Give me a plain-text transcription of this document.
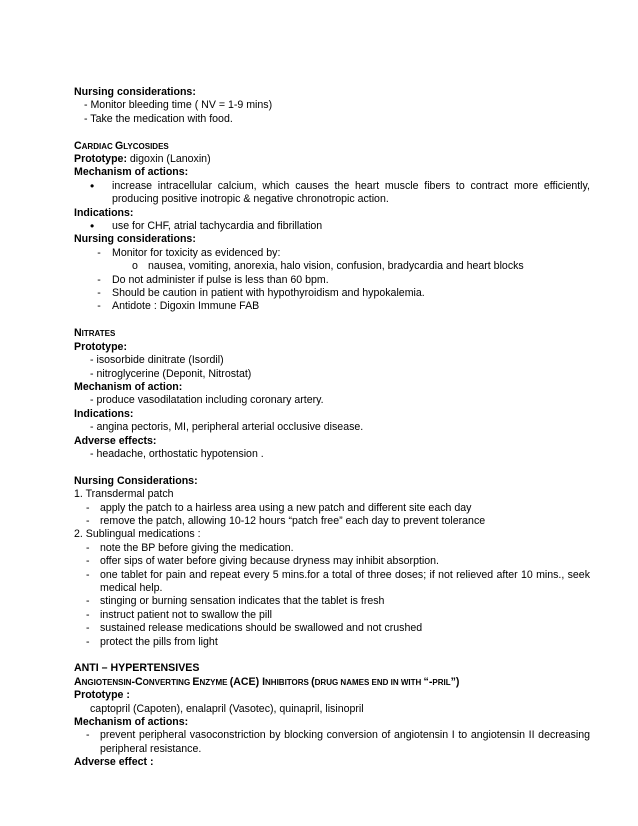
Nursing considerations:
- Monitor bleeding time ( NV = 1-9 mins)
- Take the medication with food.
CARDIAC GLYCOSIDES
Prototype: digoxin (Lanoxin)
Mechanism of actions:
•	increase intracellular calcium, which causes the heart muscle fibers to contract more efficiently, producing positive inotropic & negative chronotropic action.
Indications:
•	use for CHF, atrial tachycardia and fibrillation
Nursing considerations:
-	Monitor for toxicity as evidenced by:
o nausea, vomiting, anorexia, halo vision, confusion, bradycardia and heart blocks
-	Do not administer if pulse is less than 60 bpm.
-	Should be caution in patient with hypothyroidism and hypokalemia.
-	Antidote : Digoxin Immune FAB
NITRATES
Prototype:
- isosorbide dinitrate (Isordil)
- nitroglycerine (Deponit, Nitrostat)
Mechanism of action:
- produce vasodilatation including coronary artery.
Indications:
- angina pectoris, MI, peripheral arterial occlusive disease.
Adverse effects:
- headache, orthostatic hypotension .
Nursing Considerations:
1. Transdermal patch
- apply the patch to a hairless area using a new patch and different site each day
- remove the patch, allowing 10-12 hours “patch free” each day to prevent tolerance
2. Sublingual medications :
- note the BP before giving the medication.
- offer sips of water before giving because dryness may inhibit absorption.
- one tablet for pain and repeat every 5 mins.for a total of three doses; if not relieved after 10 mins., seek medical help.
- stinging or burning sensation indicates that the tablet is fresh
- instruct patient not to swallow the pill
- sustained release medications should be swallowed and not crushed
- protect the pills from light
ANTI – HYPERTENSIVES
ANGIOTENSIN-CONVERTING ENZYME (ACE) INHIBITORS (DRUG NAMES END IN WITH “-PRIL”)
Prototype :
captopril (Capoten), enalapril (Vasotec), quinapril, lisinopril
Mechanism of actions:
- prevent peripheral vasoconstriction by blocking conversion of angiotensin I to angiotensin II decreasing peripheral resistance.
Adverse effect :
